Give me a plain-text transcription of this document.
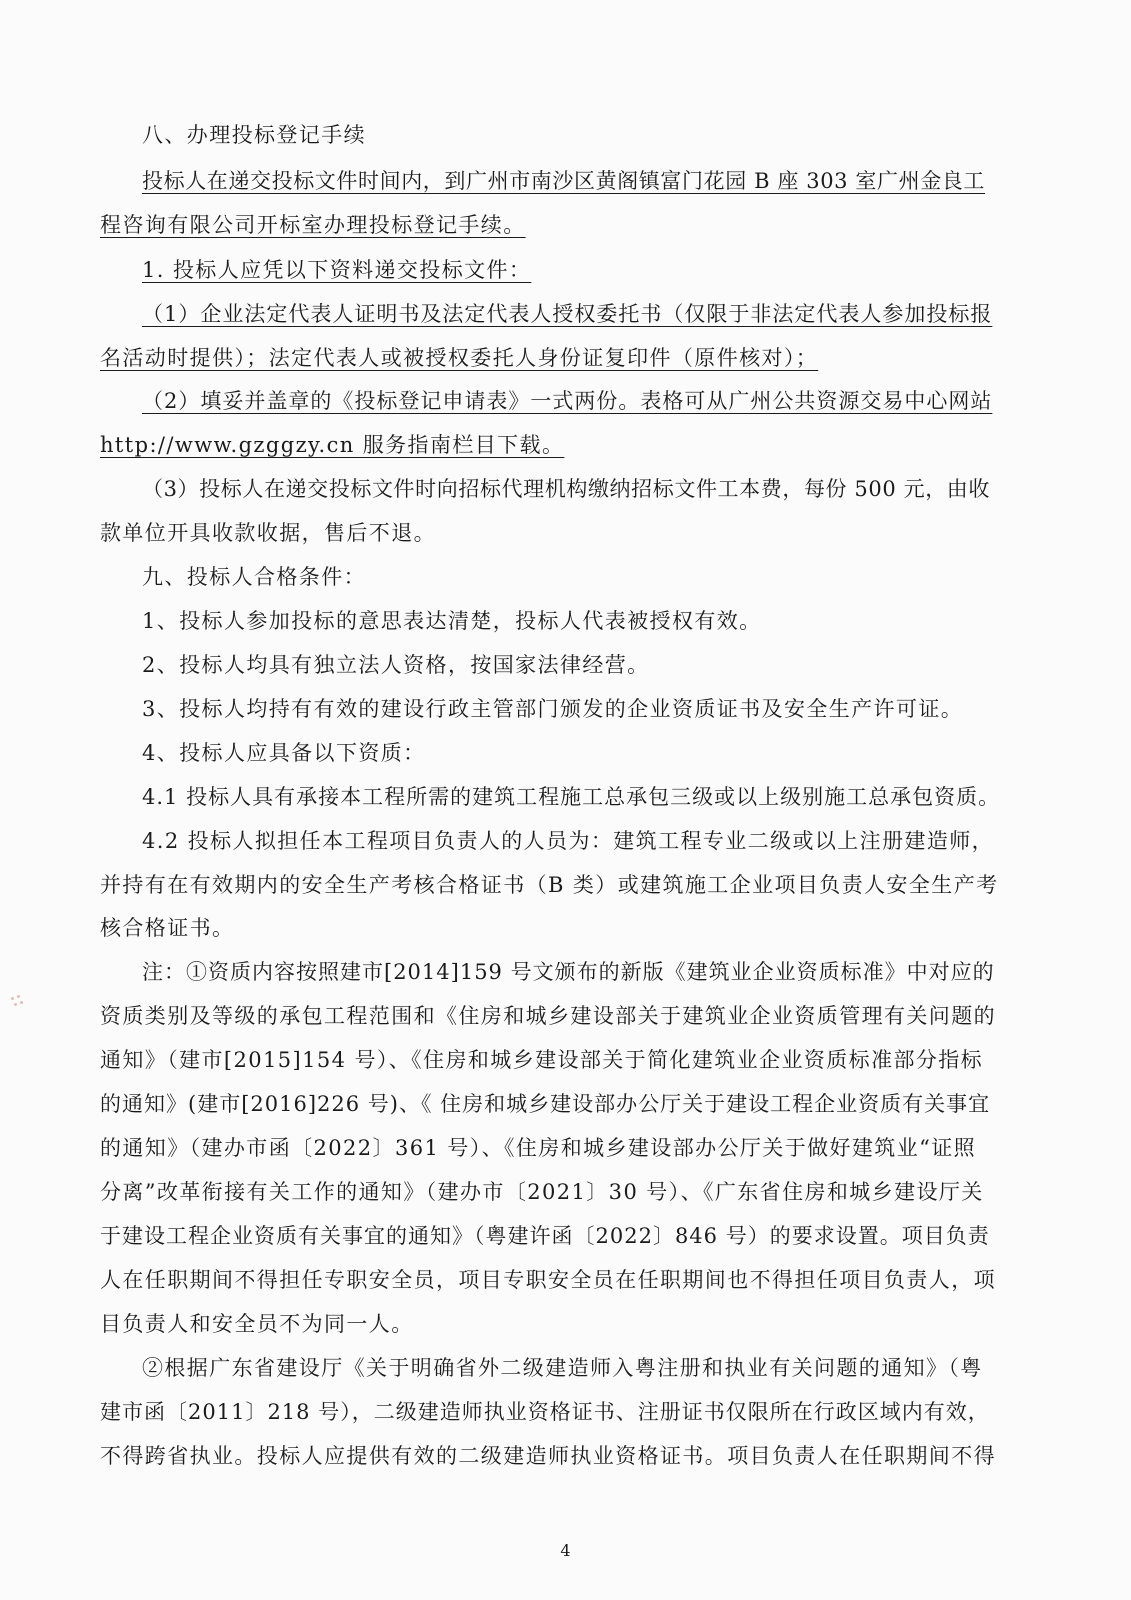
八、办理投标登记手续
投标人在递交投标文件时间内，到广州市南沙区黄阁镇富门花园 B 座 303 室广州金良工
程咨询有限公司开标室办理投标登记手续。
1. 投标人应凭以下资料递交投标文件：
（1）企业法定代表人证明书及法定代表人授权委托书（仅限于非法定代表人参加投标报
名活动时提供）；法定代表人或被授权委托人身份证复印件（原件核对）；
（2）填妥并盖章的《投标登记申请表》一式两份。表格可从广州公共资源交易中心网站
http://www.gzggzy.cn 服务指南栏目下载。
（3）投标人在递交投标文件时向招标代理机构缴纳招标文件工本费，每份 500 元，由收
款单位开具收款收据，售后不退。
九、投标人合格条件：
1、投标人参加投标的意思表达清楚，投标人代表被授权有效。
2、投标人均具有独立法人资格，按国家法律经营。
3、投标人均持有有效的建设行政主管部门颁发的企业资质证书及安全生产许可证。
4、投标人应具备以下资质：
4.1 投标人具有承接本工程所需的建筑工程施工总承包三级或以上级别施工总承包资质。
4.2 投标人拟担任本工程项目负责人的人员为：建筑工程专业二级或以上注册建造师，
并持有在有效期内的安全生产考核合格证书（B 类）或建筑施工企业项目负责人安全生产考
核合格证书。
注：①资质内容按照建市[2014]159 号文颁布的新版《建筑业企业资质标准》中对应的
资质类别及等级的承包工程范围和《住房和城乡建设部关于建筑业企业资质管理有关问题的
通知》（建市[2015]154 号）、《住房和城乡建设部关于简化建筑业企业资质标准部分指标
的通知》(建市[2016]226 号)、《 住房和城乡建设部办公厅关于建设工程企业资质有关事宜
的通知》（建办市函〔2022〕361 号）、《住房和城乡建设部办公厅关于做好建筑业“证照
分离”改革衔接有关工作的通知》（建办市〔2021〕30 号）、《广东省住房和城乡建设厅关
于建设工程企业资质有关事宜的通知》（粤建许函〔2022〕846 号）的要求设置。项目负责
人在任职期间不得担任专职安全员，项目专职安全员在任职期间也不得担任项目负责人，项
目负责人和安全员不为同一人。
②根据广东省建设厅《关于明确省外二级建造师入粤注册和执业有关问题的通知》（粤
建市函〔2011〕218 号），二级建造师执业资格证书、注册证书仅限所在行政区域内有效，
不得跨省执业。投标人应提供有效的二级建造师执业资格证书。项目负责人在任职期间不得
4
